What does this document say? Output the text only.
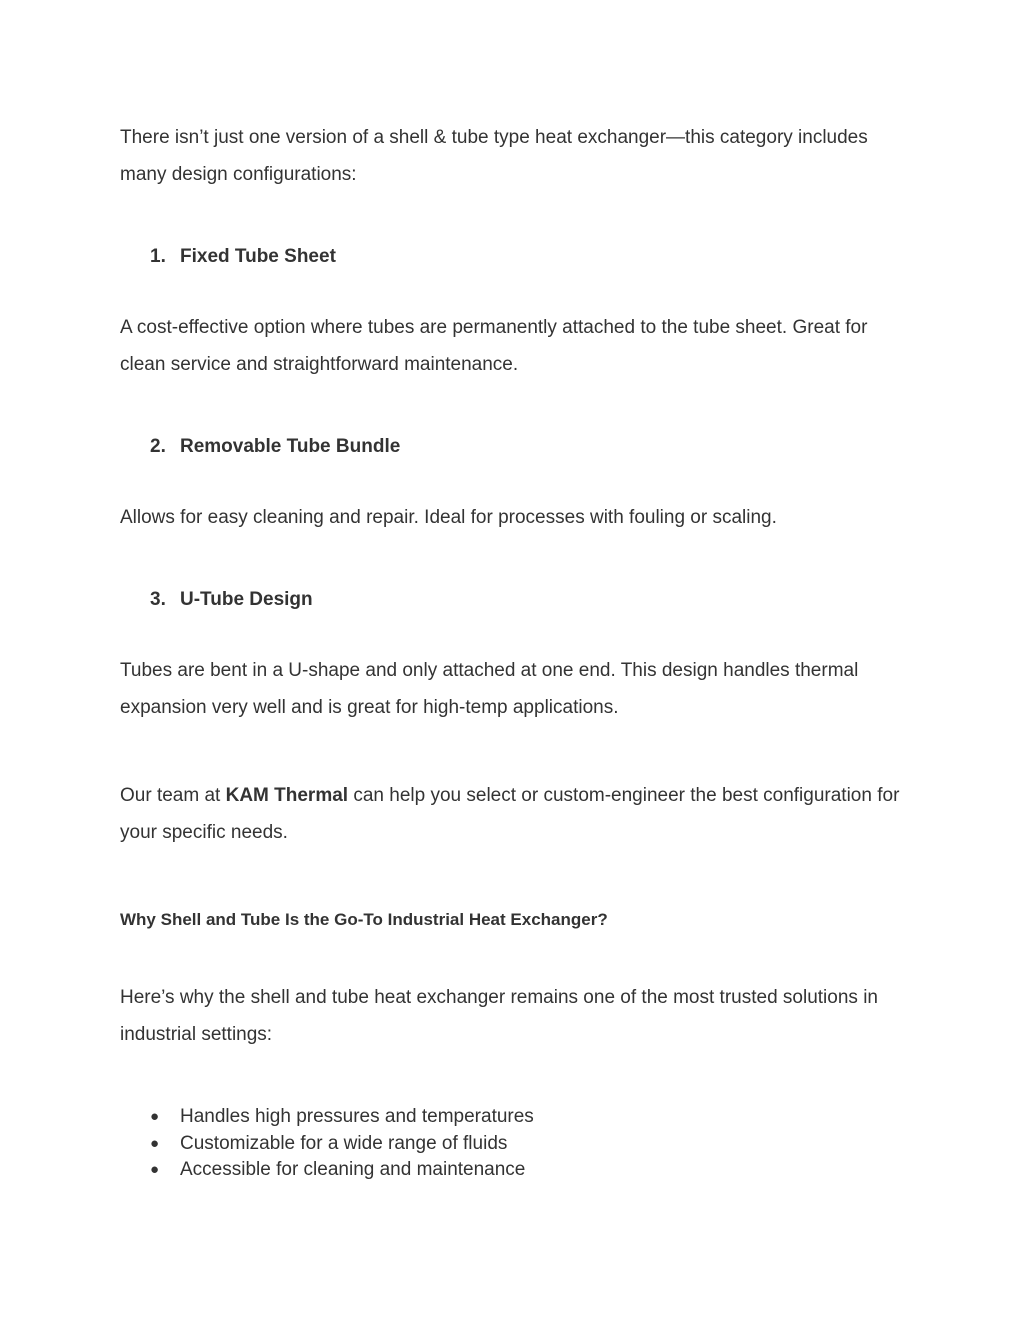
There isn’t just one version of a shell & tube type heat exchanger—this category includes many design configurations:

1. Fixed Tube Sheet

A cost-effective option where tubes are permanently attached to the tube sheet. Great for clean service and straightforward maintenance.

2. Removable Tube Bundle

Allows for easy cleaning and repair. Ideal for processes with fouling or scaling.

3. U-Tube Design

Tubes are bent in a U-shape and only attached at one end. This design handles thermal expansion very well and is great for high-temp applications.

Our team at KAM Thermal can help you select or custom-engineer the best configuration for your specific needs.

Why Shell and Tube Is the Go-To Industrial Heat Exchanger?

Here’s why the shell and tube heat exchanger remains one of the most trusted solutions in industrial settings:

● Handles high pressures and temperatures
● Customizable for a wide range of fluids
● Accessible for cleaning and maintenance
